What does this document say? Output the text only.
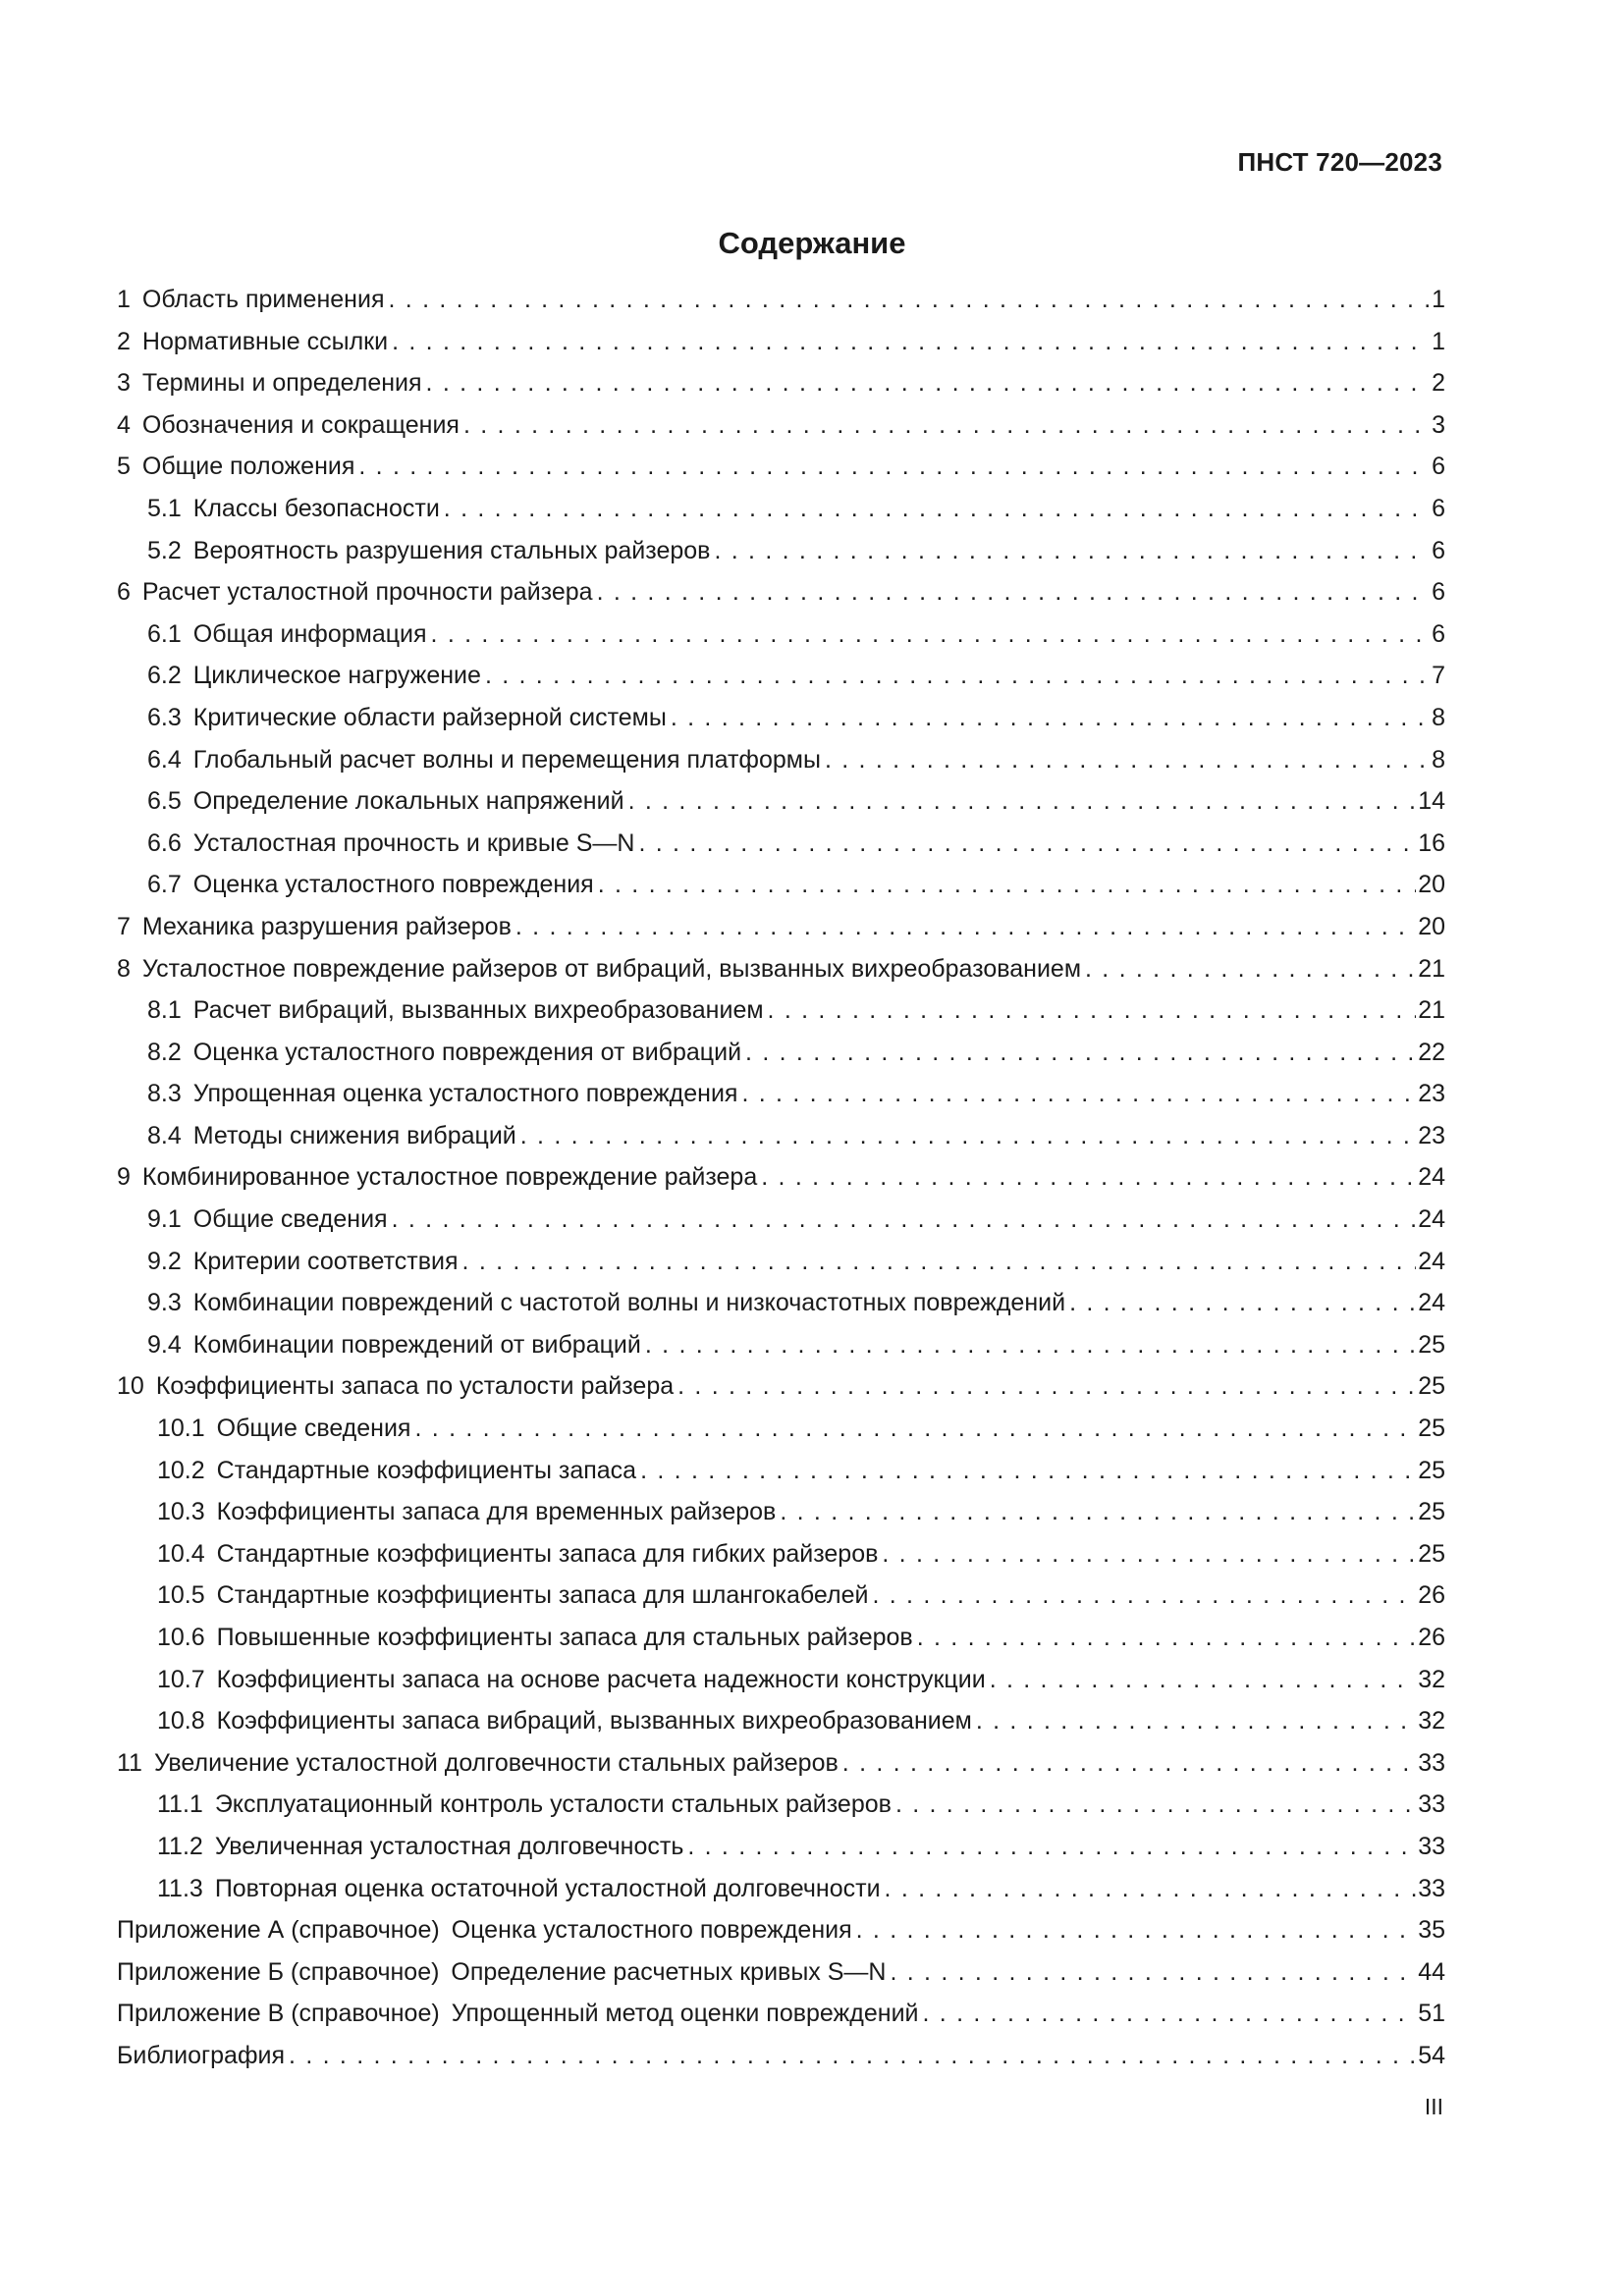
ПНСТ 720—2023
Содержание
1 Область применения . . .	1
2 Нормативные ссылки . . .	1
3 Термины и определения . . .	2
4 Обозначения и сокращения . . .	3
5 Общие положения . . .	6
5.1 Классы безопасности . . .	6
5.2 Вероятность разрушения стальных райзеров . . .	6
6 Расчет усталостной прочности райзера . . .	6
6.1 Общая информация . . .	6
6.2 Циклическое нагружение . . .	7
6.3 Критические области райзерной системы . . .	8
6.4 Глобальный расчет волны и перемещения платформы . . .	8
6.5 Определение локальных напряжений . . .	14
6.6 Усталостная прочность и кривые S—N . . .	16
6.7 Оценка усталостного повреждения . . .	20
7 Механика разрушения райзеров . . .	20
8 Усталостное повреждение райзеров от вибраций, вызванных вихреобразованием . . .	21
8.1 Расчет вибраций, вызванных вихреобразованием . . .	21
8.2 Оценка усталостного повреждения от вибраций . . .	22
8.3 Упрощенная оценка усталостного повреждения . . .	23
8.4 Методы снижения вибраций . . .	23
9 Комбинированное усталостное повреждение райзера . . .	24
9.1 Общие сведения . . .	24
9.2 Критерии соответствия . . .	24
9.3 Комбинации повреждений с частотой волны и низкочастотных повреждений . . .	24
9.4 Комбинации повреждений от вибраций . . .	25
10 Коэффициенты запаса по усталости райзера . . .	25
10.1 Общие сведения . . .	25
10.2 Стандартные коэффициенты запаса . . .	25
10.3 Коэффициенты запаса для временных райзеров . . .	25
10.4 Стандартные коэффициенты запаса для гибких райзеров . . .	25
10.5 Стандартные коэффициенты запаса для шлангокабелей . . .	26
10.6 Повышенные коэффициенты запаса для стальных райзеров . . .	26
10.7 Коэффициенты запаса на основе расчета надежности конструкции . . .	32
10.8 Коэффициенты запаса вибраций, вызванных вихреобразованием . . .	32
11 Увеличение усталостной долговечности стальных райзеров . . .	33
11.1 Эксплуатационный контроль усталости стальных райзеров . . .	33
11.2 Увеличенная усталостная долговечность . . .	33
11.3 Повторная оценка остаточной усталостной долговечности . . .	33
Приложение А (справочное) Оценка усталостного повреждения . . .	35
Приложение Б (справочное) Определение расчетных кривых S—N . . .	44
Приложение В (справочное) Упрощенный метод оценки повреждений . . .	51
Библиография . . .	54
III
